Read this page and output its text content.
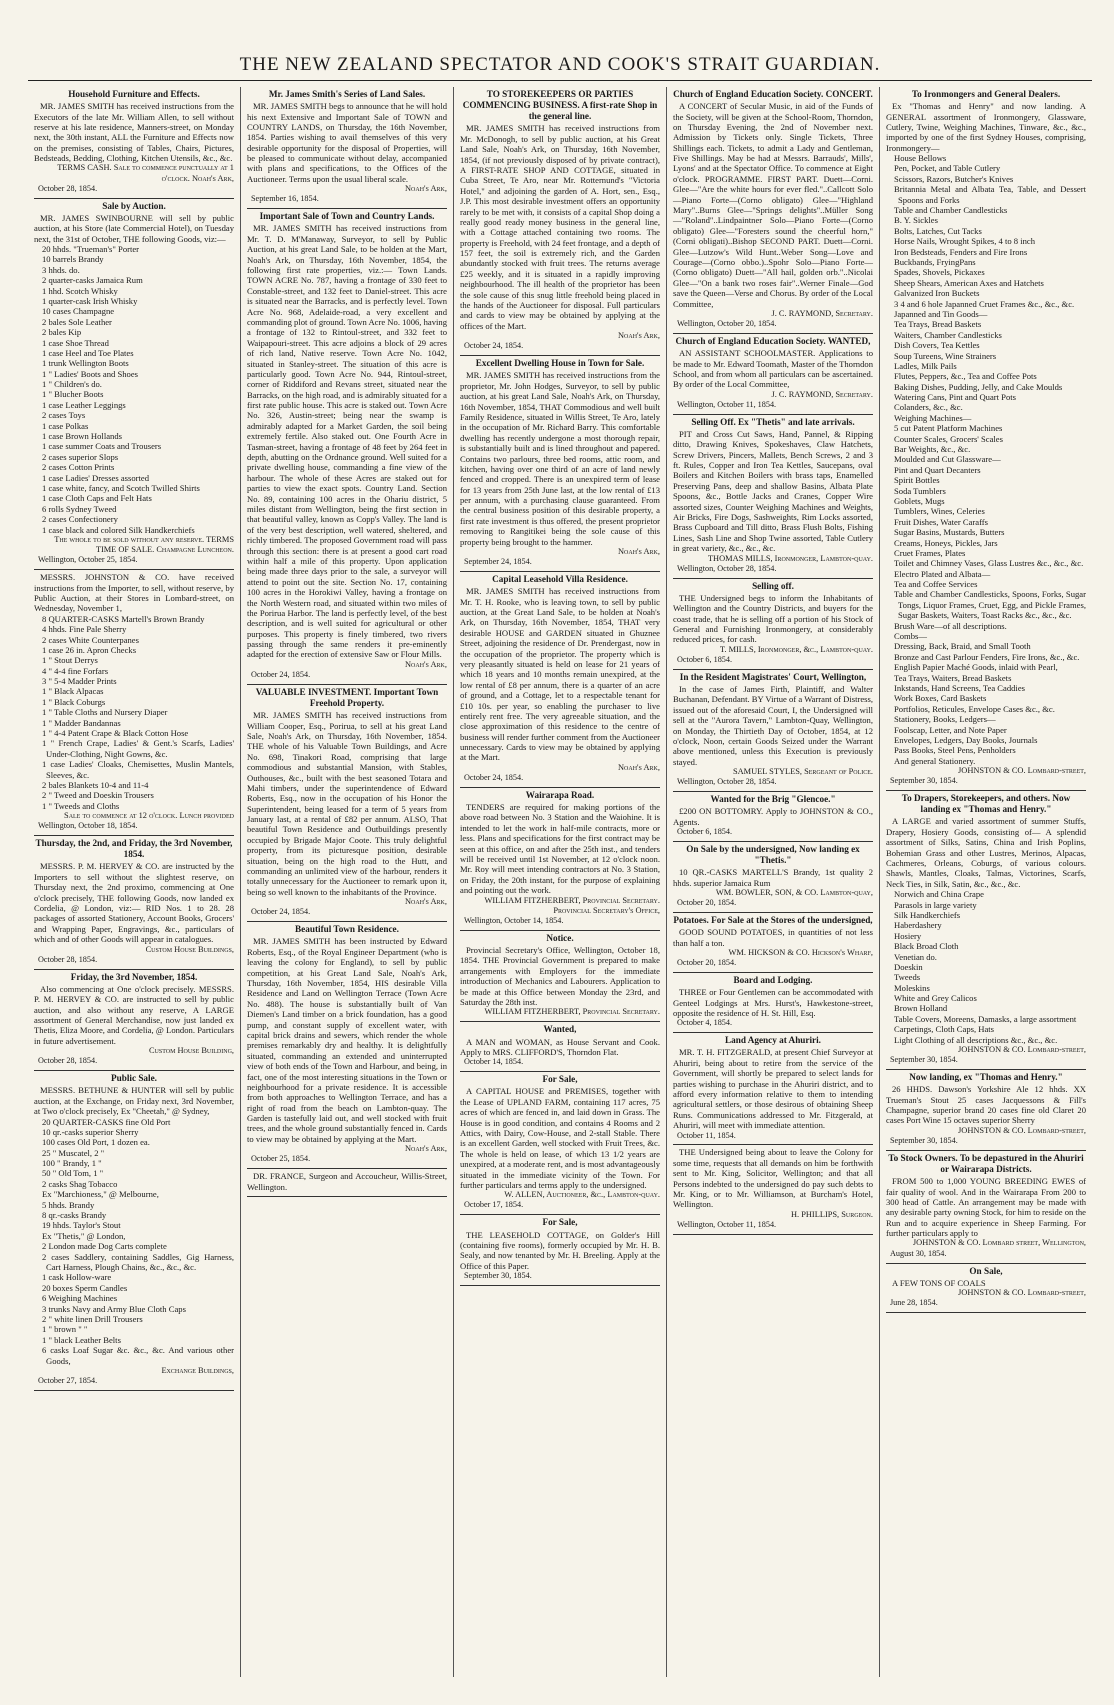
THE NEW ZEALAND SPECTATOR AND COOK'S STRAIT GUARDIAN.
Household Furniture and Effects.

MR. JAMES SMITH has received instructions from the Executors of the late Mr. William Allen, to sell without reserve at his late residence, Manners-street, on Monday next, the 30th instant, ALL the Furniture and Effects now on the premises, consisting of Tables, Chairs, Pictures, Bedsteads, Bedding, Clothing, Kitchen Utensils, &c., &c.

TERMS CASH. Sale to commence punctually at 1 o'clock. Noah's Ark,

October 28, 1854.

Sale by Auction.

MR. JAMES SWINBOURNE will sell by public auction, at his Store (late Commercial Hotel), on Tuesday next, the 31st of October, THE following Goods, viz:—

20 hhds. "Trueman's" Porter
10 barrels Brandy
3 hhds. do.
2 quarter-casks Jamaica Rum
1 hhd. Scotch Whisky
1 quarter-cask Irish Whisky
10 cases Champagne
2 bales Sole Leather
2 bales Kip
1 case Shoe Thread
1 case Heel and Toe Plates
1 trunk Wellington Boots
1 " Ladies' Boots and Shoes
1 " Children's do.
1 " Blucher Boots
1 case Leather Leggings
2 cases Toys
1 case Polkas
1 case Brown Hollands
1 case summer Coats and Trousers
2 cases superior Slops
2 cases Cotton Prints
1 case Ladies' Dresses assorted
1 case white, fancy, and Scotch Twilled Shirts
1 case Cloth Caps and Felt Hats
6 rolls Sydney Tweed
2 cases Confectionery
1 case black and colored Silk Handkerchiefs

The whole to be sold without any reserve. TERMS TIME OF SALE. Champagne Luncheon.

Wellington, October 25, 1854.

MESSRS. JOHNSTON & CO. have received instructions from the Importer, to sell, without reserve, by Public Auction, at their Stores in Lombard-street, on Wednesday, November 1,

8 QUARTER-CASKS Martell's Brown Brandy
4 hhds. Fine Pale Sherry
2 cases White Counterpanes
1 case 26 in. Apron Checks
1 " Stout Derrys
4 " 4-4 fine Forfars
3 " 5-4 Madder Prints
1 " Black Alpacas
1 " Black Coburgs
1 " Table Cloths and Nursery Diaper
1 " Madder Bandannas
1 " 4-4 Patent Crape & Black Cotton Hose
1 " French Crape, Ladies' & Gent.'s Scarfs, Ladies' Under-Clothing, Night Gowns, &c.
1 case Ladies' Cloaks, Chemisettes, Muslin Mantels, Sleeves, &c.
2 bales Blankets 10-4 and 11-4
2 " Tweed and Doeskin Trousers
1 " Tweeds and Cloths

Sale to commence at 12 o'clock. Lunch provided

Wellington, October 18, 1854.

Thursday, the 2nd, and Friday, the 3rd November, 1854.

MESSRS. P. M. HERVEY & CO. are instructed by the Importers to sell without the slightest reserve, on Thursday next, the 2nd proximo, commencing at One o'clock precisely, THE following Goods, now landed ex Cordelia, @ London, viz:— RID Nos. 1 to 28. 28 packages of assorted Stationery, Account Books, Grocers' and Wrapping Paper, Engravings, &c., particulars of which and of other Goods will appear in catalogues.

Custom House Buildings,

October 28, 1854.

Friday, the 3rd November, 1854.

Also commencing at One o'clock precisely. MESSRS. P. M. HERVEY & CO. are instructed to sell by public auction, and also without any reserve, A LARGE assortment of General Merchandise, now just landed ex Thetis, Eliza Moore, and Cordelia, @ London. Particulars in future advertisement.

Custom House Building,

October 28, 1854.

Public Sale.

MESSRS. BETHUNE & HUNTER will sell by public auction, at the Exchange, on Friday next, 3rd November, at Two o'clock precisely, Ex "Cheetah," @ Sydney,

20 QUARTER-CASKS fine Old Port
10 qr.-casks superior Sherry
100 cases Old Port, 1 dozen ea.
25 " Muscatel, 2 "
100 " Brandy, 1 "
50 " Old Tom, 1 "
2 casks Shag Tobacco
Ex "Marchioness," @ Melbourne,
5 hhds. Brandy
8 qr.-casks Brandy
19 hhds. Taylor's Stout
Ex "Thetis," @ London,
2 London made Dog Carts complete
2 cases Saddlery, containing Saddles, Gig Harness, Cart Harness, Plough Chains, &c., &c., &c.
1 cask Hollow-ware
20 boxes Sperm Candles
6 Weighing Machines
3 trunks Navy and Army Blue Cloth Caps
2 " white linen Drill Trousers
1 " brown " "
1 " black Leather Belts
6 casks Loaf Sugar &c. &c., &c. And various other Goods,

Exchange Buildings,

October 27, 1854.

Mr. James Smith's Series of Land Sales.

MR. JAMES SMITH begs to announce that he will hold his next Extensive and Important Sale of TOWN and COUNTRY LANDS, on Thursday, the 16th November, 1854. Parties wishing to avail themselves of this very desirable opportunity for the disposal of Properties, will be pleased to communicate without delay, accompanied with plans and specifications, to the Offices of the Auctioneer. Terms upon the usual liberal scale.

Noah's Ark,

September 16, 1854.

Important Sale of Town and Country Lands.

MR. JAMES SMITH has received instructions from Mr. T. D. M'Manaway, Surveyor, to sell by Public Auction, at his great Land Sale, to be holden at the Mart, Noah's Ark, on Thursday, 16th November, 1854, the following first rate properties, viz.:— Town Lands. TOWN ACRE No. 787, having a frontage of 330 feet to Constable-street, and 132 feet to Daniel-street. This acre is situated near the Barracks, and is perfectly level. Town Acre No. 968, Adelaide-road, a very excellent and commanding plot of ground. Town Acre No. 1006, having a frontage of 132 to Rintoul-street, and 332 feet to Waipapouri-street. This acre adjoins a block of 29 acres of rich land, Native reserve. Town Acre No. 1042, situated in Stanley-street. The situation of this acre is particularly good. Town Acre No. 944, Rintoul-street, corner of Riddiford and Revans street, situated near the Barracks, on the high road, and is admirably situated for a first rate public house. This acre is staked out. Town Acre No. 326, Austin-street; being near the swamp is admirably adapted for a Market Garden, the soil being extremely fertile. Also staked out. One Fourth Acre in Tasman-street, having a frontage of 48 feet by 264 feet in depth, abutting on the Ordnance ground. Well suited for a private dwelling house, commanding a fine view of the harbour. The whole of these Acres are staked out for parties to view the exact spots. Country Land. Section No. 89, containing 100 acres in the Ohariu district, 5 miles distant from Wellington, being the first section in that beautiful valley, known as Copp's Valley. The land is of the very best description, well watered, sheltered, and richly timbered. The proposed Government road will pass through this section: there is at present a good cart road within half a mile of this property. Upon application being made three days prior to the sale, a surveyor will attend to point out the site. Section No. 17, containing 100 acres in the Horokiwi Valley, having a frontage on the North Western road, and situated within two miles of the Porirua Harbor. The land is perfectly level, of the best description, and is well suited for agricultural or other purposes. This property is finely timbered, two rivers passing through the same renders it pre-eminently adapted for the erection of extensive Saw or Flour Mills.

Noah's Ark,

October 24, 1854.

VALUABLE INVESTMENT. Important Town Freehold Property.

MR. JAMES SMITH has received instructions from William Cooper, Esq., Porirua, to sell at his great Land Sale, Noah's Ark, on Thursday, 16th November, 1854. THE whole of his Valuable Town Buildings, and Acre No. 698, Tinakori Road, comprising that large commodious and substantial Mansion, with Stables, Outhouses, &c., built with the best seasoned Totara and Mahi timbers, under the superintendence of Edward Roberts, Esq., now in the occupation of his Honor the Superintendent, being leased for a term of 5 years from January last, at a rental of £82 per annum. ALSO, That beautiful Town Residence and Outbuildings presently occupied by Brigade Major Coote. This truly delightful property, from its picturesque position, desirable situation, being on the high road to the Hutt, and commanding an unlimited view of the harbour, renders it totally unnecessary for the Auctioneer to remark upon it, being so well known to the inhabitants of the Province.

Noah's Ark,

October 24, 1854.

Beautiful Town Residence.

MR. JAMES SMITH has been instructed by Edward Roberts, Esq., of the Royal Engineer Department (who is leaving the colony for England), to sell by public competition, at his Great Land Sale, Noah's Ark, Thursday, 16th November, 1854, HIS desirable Villa Residence and Land on Wellington Terrace (Town Acre No. 488). The house is substantially built of Van Diemen's Land timber on a brick foundation, has a good pump, and constant supply of excellent water, with capital brick drains and sewers, which render the whole premises remarkably dry and healthy. It is delightfully situated, commanding an extended and uninterrupted view of both ends of the Town and Harbour, and being, in fact, one of the most interesting situations in the Town or neighbourhood for a private residence. It is accessible from both approaches to Wellington Terrace, and has a right of road from the beach on Lambton-quay. The Garden is tastefully laid out, and well stocked with fruit trees, and the whole ground substantially fenced in. Cards to view may be obtained by applying at the Mart.

Noah's Ark,

October 25, 1854.

DR. FRANCE, Surgeon and Accoucheur, Willis-Street, Wellington.

TO STOREKEEPERS OR PARTIES COMMENCING BUSINESS. A first-rate Shop in the general line.

MR. JAMES SMITH has received instructions from Mr. McDonogh, to sell by public auction, at his Great Land Sale, Noah's Ark, on Thursday, 16th November, 1854, (if not previously disposed of by private contract), A FIRST-RATE SHOP AND COTTAGE, situated in Cuba Street, Te Aro, near Mr. Rotternund's "Victoria Hotel," and adjoining the garden of A. Hort, sen., Esq., J.P. This most desirable investment offers an opportunity rarely to be met with, it consists of a capital Shop doing a really good ready money business in the general line, with a Cottage attached containing two rooms. The property is Freehold, with 24 feet frontage, and a depth of 157 feet, the soil is extremely rich, and the Garden abundantly stocked with fruit trees. The returns average £25 weekly, and it is situated in a rapidly improving neighbourhood. The ill health of the proprietor has been the sole cause of this snug little freehold being placed in the hands of the Auctioneer for disposal. Full particulars and cards to view may be obtained by applying at the offices of the Mart.

Noah's Ark,

October 24, 1854.

Excellent Dwelling House in Town for Sale.

MR. JAMES SMITH has received instructions from the proprietor, Mr. John Hodges, Surveyor, to sell by public auction, at his great Land Sale, Noah's Ark, on Thursday, 16th November, 1854, THAT Commodious and well built Family Residence, situated in Willis Street, Te Aro, lately in the occupation of Mr. Richard Barry. This comfortable dwelling has recently undergone a most thorough repair, is substantially built and is lined throughout and papered. Contains two parlours, three bed rooms, attic room, and kitchen, having over one third of an acre of land newly fenced and cropped. There is an unexpired term of lease for 13 years from 25th June last, at the low rental of £13 per annum, with a purchasing clause guaranteed. From the central business position of this desirable property, a first rate investment is thus offered, the present proprietor removing to Rangitikei being the sole cause of this property being brought to the hammer.

Noah's Ark,

September 24, 1854.

Capital Leasehold Villa Residence.

MR. JAMES SMITH has received instructions from Mr. T. H. Rooke, who is leaving town, to sell by public auction, at the Great Land Sale, to be holden at Noah's Ark, on Thursday, 16th November, 1854, THAT very desirable HOUSE and GARDEN situated in Ghuznee Street, adjoining the residence of Dr. Prendergast, now in the occupation of the proprietor. The property which is very pleasantly situated is held on lease for 21 years of which 18 years and 10 months remain unexpired, at the low rental of £8 per annum, there is a quarter of an acre of ground, and a Cottage, let to a respectable tenant for £10 10s. per year, so enabling the purchaser to live entirely rent free. The very agreeable situation, and the close approximation of this residence to the centre of business will render further comment from the Auctioneer unnecessary. Cards to view may be obtained by applying at the Mart.

Noah's Ark,

October 24, 1854.

Wairarapa Road.

TENDERS are required for making portions of the above road between No. 3 Station and the Waiohine. It is intended to let the work in half-mile contracts, more or less. Plans and specifications for the first contract may be seen at this office, on and after the 25th inst., and tenders will be received until 1st November, at 12 o'clock noon. Mr. Roy will meet intending contractors at No. 3 Station, on Friday, the 20th instant, for the purpose of explaining and pointing out the work.

WILLIAM FITZHERBERT, Provincial Secretary. Provincial Secretary's Office,

Wellington, October 14, 1854.

Notice.

Provincial Secretary's Office, Wellington, October 18, 1854. THE Provincial Government is prepared to make arrangements with Employers for the immediate introduction of Mechanics and Labourers. Application to be made at this Office between Monday the 23rd, and Saturday the 28th inst.

WILLIAM FITZHERBERT, Provincial Secretary.

Wanted,

A MAN and WOMAN, as House Servant and Cook. Apply to MRS. CLIFFORD'S, Thorndon Flat.

October 14, 1854.

For Sale,

A CAPITAL HOUSE and PREMISES, together with the Lease of UPLAND FARM, containing 117 acres, 75 acres of which are fenced in, and laid down in Grass. The House is in good condition, and contains 4 Rooms and 2 Attics, with Dairy, Cow-House, and 2-stall Stable. There is an excellent Garden, well stocked with Fruit Trees, &c. The whole is held on lease, of which 13 1/2 years are unexpired, at a moderate rent, and is most advantageously situated in the immediate vicinity of the Town. For further particulars and terms apply to the undersigned.

W. ALLEN, Auctioneer, &c., Lambton-quay.

October 17, 1854.

For Sale,

THE LEASEHOLD COTTAGE, on Golder's Hill (containing five rooms), formerly occupied by Mr. H. B. Sealy, and now tenanted by Mr. H. Breeling. Apply at the Office of this Paper.

September 30, 1854.

Church of England Education Society. CONCERT.

A CONCERT of Secular Music, in aid of the Funds of the Society, will be given at the School-Room, Thorndon, on Thursday Evening, the 2nd of November next. Admission by Tickets only. Single Tickets, Three Shillings each. Tickets, to admit a Lady and Gentleman, Five Shillings. May be had at Messrs. Barrauds', Mills', Lyons' and at the Spectator Office. To commence at Eight o'clock. PROGRAMME. FIRST PART. Duett—Corni. Glee—"Are the white hours for ever fled."..Callcott Solo—Piano Forte—(Corno obligato) Glee—"Highland Mary"..Burns Glee—"Springs delights"..Müller Song—"Roland"..Lindpaintner Solo—Piano Forte—(Corno obligato) Glee—"Foresters sound the cheerful horn," (Corni obligati)..Bishop SECOND PART. Duett—Corni. Glee—Lutzow's Wild Hunt..Weber Song—Love and Courage—(Corno obbo.)..Spohr Solo—Piano Forte—(Corno obligato) Duett—"All hail, golden orb."..Nicolai Glee—"On a bank two roses fair"..Werner Finale—God save the Queen—Verse and Chorus. By order of the Local Committee,

J. C. RAYMOND, Secretary.

Wellington, October 20, 1854.

Church of England Education Society. WANTED,

AN ASSISTANT SCHOOLMASTER. Applications to be made to Mr. Edward Toomath, Master of the Thorndon School, and from whom all particulars can be ascertained. By order of the Local Committee,

J. C. RAYMOND, Secretary.

Wellington, October 11, 1854.

Selling Off. Ex "Thetis" and late arrivals.

PIT and Cross Cut Saws, Hand, Pannel, & Ripping ditto, Drawing Knives, Spokeshaves, Claw Hatchets, Screw Drivers, Pincers, Mallets, Bench Screws, 2 and 3 ft. Rules, Copper and Iron Tea Kettles, Saucepans, oval Boilers and Kitchen Boilers with brass taps, Enamelled Preserving Pans, deep and shallow Basins, Albata Plate Spoons, &c., Bottle Jacks and Cranes, Copper Wire assorted sizes, Counter Weighing Machines and Weights, Air Bricks, Fire Dogs, Sashweights, Rim Locks assorted, Brass Cupboard and Till ditto, Brass Flush Bolts, Fishing Lines, Sash Line and Shop Twine assorted, Table Cutlery in great variety, &c., &c., &c.

THOMAS MILLS, Ironmonger, Lambton-quay.

Wellington, October 28, 1854.

Selling off.

THE Undersigned begs to inform the Inhabitants of Wellington and the Country Districts, and buyers for the coast trade, that he is selling off a portion of his Stock of General and Furnishing Ironmongery, at considerably reduced prices, for cash.

T. MILLS, Ironmonger, &c., Lambton-quay.

October 6, 1854.

In the Resident Magistrates' Court, Wellington,

In the case of James Firth, Plaintiff, and Walter Buchanan, Defendant. BY Virtue of a Warrant of Distress, issued out of the aforesaid Court, I, the Undersigned will sell at the "Aurora Tavern," Lambton-Quay, Wellington, on Monday, the Thirtieth Day of October, 1854, at 12 o'clock, Noon, certain Goods Seized under the Warrant above mentioned, unless this Execution is previously stayed.

SAMUEL STYLES, Sergeant of Police.

Wellington, October 28, 1854.

Wanted for the Brig "Glencoe."

£200 ON BOTTOMRY. Apply to JOHNSTON & CO., Agents.

October 6, 1854.

On Sale by the undersigned, Now landing ex "Thetis."

10 QR.-CASKS MARTELL'S Brandy, 1st quality 2 hhds. superior Jamaica Rum

WM. BOWLER, SON, & CO. Lambton-quay,

October 20, 1854.

Potatoes. For Sale at the Stores of the undersigned,

GOOD SOUND POTATOES, in quantities of not less than half a ton.

WM. HICKSON & CO. Hickson's Wharf,

October 20, 1854.

Board and Lodging.

THREE or Four Gentlemen can be accommodated with Genteel Lodgings at Mrs. Hurst's, Hawkestone-street, opposite the residence of H. St. Hill, Esq.

October 4, 1854.

Land Agency at Ahuriri.

MR. T. H. FITZGERALD, at present Chief Surveyor at Ahuriri, being about to retire from the service of the Government, will shortly be prepared to select lands for parties wishing to purchase in the Ahuriri district, and to afford every information relative to them to intending agricultural settlers, or those desirous of obtaining Sheep Runs. Communications addressed to Mr. Fitzgerald, at Ahuriri, will meet with immediate attention.

October 11, 1854.

THE Undersigned being about to leave the Colony for some time, requests that all demands on him be forthwith sent to Mr. King, Solicitor, Wellington; and that all Persons indebted to the undersigned do pay such debts to Mr. King, or to Mr. Williamson, at Burcham's Hotel, Wellington.

H. PHILLIPS, Surgeon.

Wellington, October 11, 1854.

To Ironmongers and General Dealers.

Ex "Thomas and Henry" and now landing. A GENERAL assortment of Ironmongery, Glassware, Cutlery, Twine, Weighing Machines, Tinware, &c., &c., imported by one of the first Sydney Houses, comprising, Ironmongery—

House Bellows
Pen, Pocket, and Table Cutlery
Scissors, Razors, Butcher's Knives
Britannia Metal and Albata Tea, Table, and Dessert Spoons and Forks
Table and Chamber Candlesticks
B. Y. Sickles
Bolts, Latches, Cut Tacks
Horse Nails, Wrought Spikes, 4 to 8 inch
Iron Bedsteads, Fenders and Fire Irons
Buckbands, FryingPans
Spades, Shovels, Pickaxes
Sheep Shears, American Axes and Hatchets
Galvanized Iron Buckets
3 4 and 6 hole Japanned Cruet Frames &c., &c., &c.
Japanned and Tin Goods—
Tea Trays, Bread Baskets
Waiters, Chamber Candlesticks
Dish Covers, Tea Kettles
Soup Tureens, Wine Strainers
Ladles, Milk Pails
Flutes, Peppers, &c., Tea and Coffee Pots
Baking Dishes, Pudding, Jelly, and Cake Moulds
Watering Cans, Pint and Quart Pots
Colanders, &c., &c.
Weighing Machines—
5 cut Patent Platform Machines
Counter Scales, Grocers' Scales
Bar Weights, &c., &c.
Moulded and Cut Glassware—
Pint and Quart Decanters
Spirit Bottles
Soda Tumblers
Goblets, Mugs
Tumblers, Wines, Celeries
Fruit Dishes, Water Caraffs
Sugar Basins, Mustards, Butters
Creams, Honeys, Pickles, Jars
Cruet Frames, Plates
Toilet and Chimney Vases, Glass Lustres &c., &c., &c.
Electro Plated and Albata—
Tea and Coffee Services
Table and Chamber Candlesticks, Spoons, Forks, Sugar Tongs, Liquor Frames, Cruet, Egg, and Pickle Frames, Sugar Baskets, Waiters, Toast Racks &c., &c., &c.
Brush Ware—of all descriptions.
Combs—
Dressing, Back, Braid, and Small Tooth
Bronze and Cast Parlour Fenders, Fire Irons, &c., &c.
English Papier Maché Goods, inlaid with Pearl,
Tea Trays, Waiters, Bread Baskets
Inkstands, Hand Screens, Tea Caddies
Work Boxes, Card Baskets
Portfolios, Reticules, Envelope Cases &c., &c.
Stationery, Books, Ledgers—
Foolscap, Letter, and Note Paper
Envelopes, Ledgers, Day Books, Journals
Pass Books, Steel Pens, Penholders
And general Stationery.

JOHNSTON & CO. Lombard-street,

September 30, 1854.

To Drapers, Storekeepers, and others. Now landing ex "Thomas and Henry."

A LARGE and varied assortment of summer Stuffs, Drapery, Hosiery Goods, consisting of— A splendid assortment of Silks, Satins, China and Irish Poplins, Bohemian Grass and other Lustres, Merinos, Alpacas, Cachmeres, Orleans, Coburgs, of various colours. Shawls, Mantles, Cloaks, Talmas, Victorines, Scarfs, Neck Ties, in Silk, Satin, &c., &c., &c.

Norwich and China Crape
Parasols in large variety
Silk Handkerchiefs
Haberdashery
Hosiery
Black Broad Cloth
Venetian do.
Doeskin
Tweeds
Moleskins
White and Grey Calicos
Brown Holland
Table Covers, Moreens, Damasks, a large assortment
Carpetings, Cloth Caps, Hats
Light Clothing of all descriptions &c., &c., &c.

JOHNSTON & CO. Lombard-street,

September 30, 1854.

Now landing, ex "Thomas and Henry."

26 HHDS. Dawson's Yorkshire Ale 12 hhds. XX Trueman's Stout 25 cases Jacquessons & Fill's Champagne, superior brand 20 cases fine old Claret 20 cases Port Wine 15 octaves superior Sherry

JOHNSTON & CO. Lombard-street,

September 30, 1854.

To Stock Owners. To be depastured in the Ahuriri or Wairarapa Districts.

FROM 500 to 1,000 YOUNG BREEDING EWES of fair quality of wool. And in the Wairarapa From 200 to 300 head of Cattle. An arrangement may be made with any desirable party owning Stock, for him to reside on the Run and to acquire experience in Sheep Farming. For further particulars apply to

JOHNSTON & CO. Lombard street, Wellington,

August 30, 1854.

On Sale,

A FEW TONS OF COALS

JOHNSTON & CO. Lombard-street,

June 28, 1854.
